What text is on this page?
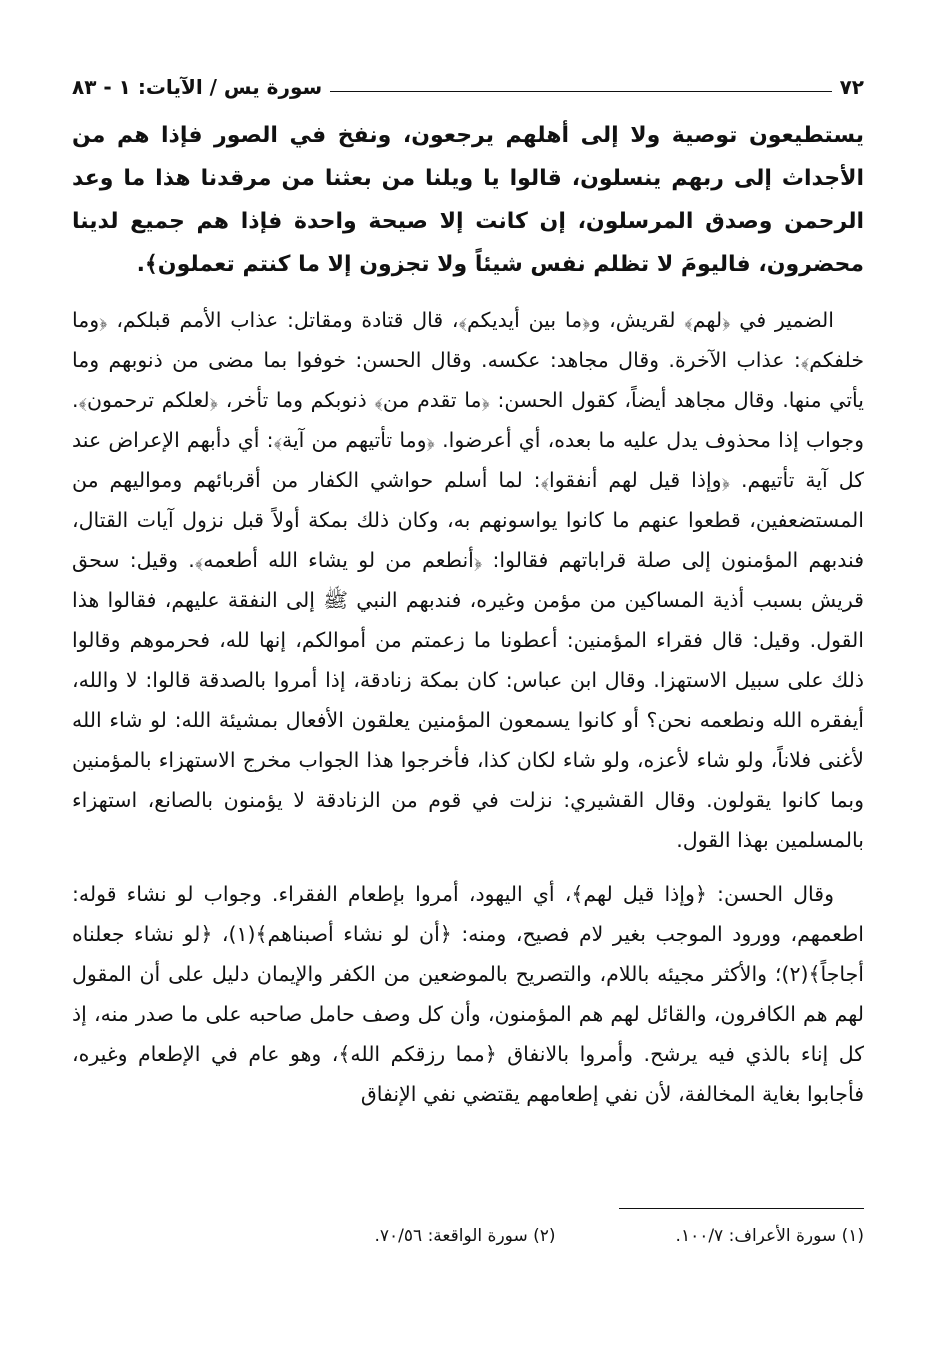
٧٢
سورة يس / الآيات: ١ - ٨٣
يستطيعون توصية ولا إلى أهلهم يرجعون، ونفخ في الصور فإذا هم من الأجداث إلى ربهم ينسلون، قالوا يا ويلنا من بعثنا من مرقدنا هذا ما وعد الرحمن وصدق المرسلون، إن كانت إلا صيحة واحدة فإذا هم جميع لدينا محضرون، فاليومَ لا تظلم نفس شيئاً ولا تجزون إلا ما كنتم تعملون﴾.
الضمير في ﴿لهم﴾ لقريش، و﴿ما بين أيديكم﴾، قال قتادة ومقاتل: عذاب الأمم قبلكم، ﴿وما خلفكم﴾: عذاب الآخرة. وقال مجاهد: عكسه. وقال الحسن: خوفوا بما مضى من ذنوبهم وما يأتي منها. وقال مجاهد أيضاً، كقول الحسن: ﴿ما تقدم من﴾ ذنوبكم وما تأخر، ﴿لعلكم ترحمون﴾. وجواب إذا محذوف يدل عليه ما بعده، أي أعرضوا. ﴿وما تأتيهم من آية﴾: أي دأبهم الإعراض عند كل آية تأتيهم. ﴿وإذا قيل لهم أنفقوا﴾: لما أسلم حواشي الكفار من أقربائهم ومواليهم من المستضعفين، قطعوا عنهم ما كانوا يواسونهم به، وكان ذلك بمكة أولاً قبل نزول آيات القتال، فندبهم المؤمنون إلى صلة قراباتهم فقالوا: ﴿أنطعم من لو يشاء الله أطعمه﴾. وقيل: سحق قريش بسبب أذية المساكين من مؤمن وغيره، فندبهم النبي ﷺ إلى النفقة عليهم، فقالوا هذا القول. وقيل: قال فقراء المؤمنين: أعطونا ما زعمتم من أموالكم، إنها لله، فحرموهم وقالوا ذلك على سبيل الاستهزا. وقال ابن عباس: كان بمكة زنادقة، إذا أمروا بالصدقة قالوا: لا والله، أيفقره الله ونطعمه نحن؟ أو كانوا يسمعون المؤمنين يعلقون الأفعال بمشيئة الله: لو شاء الله لأغنى فلاناً، ولو شاء لأعزه، ولو شاء لكان كذا، فأخرجوا هذا الجواب مخرج الاستهزاء بالمؤمنين وبما كانوا يقولون. وقال القشيري: نزلت في قوم من الزنادقة لا يؤمنون بالصانع، استهزاء بالمسلمين بهذا القول.
وقال الحسن: ﴿وإذا قيل لهم﴾، أي اليهود، أمروا بإطعام الفقراء. وجواب لو نشاء قوله: اطعمهم، وورود الموجب بغير لام فصيح، ومنه: ﴿أن لو نشاء أصبناهم﴾(١)، ﴿لو نشاء جعلناه أجاجاً﴾(٢)؛ والأكثر مجيئه باللام، والتصريح بالموضعين من الكفر والإيمان دليل على أن المقول لهم هم الكافرون، والقائل لهم هم المؤمنون، وأن كل وصف حامل صاحبه على ما صدر منه، إذ كل إناء بالذي فيه يرشح. وأمروا بالانفاق ﴿مما رزقكم الله﴾، وهو عام في الإطعام وغيره، فأجابوا بغاية المخالفة، لأن نفي إطعامهم يقتضي نفي الإنفاق
(١) سورة الأعراف: ١٠٠/٧.
(٢) سورة الواقعة: ٧٠/٥٦.
